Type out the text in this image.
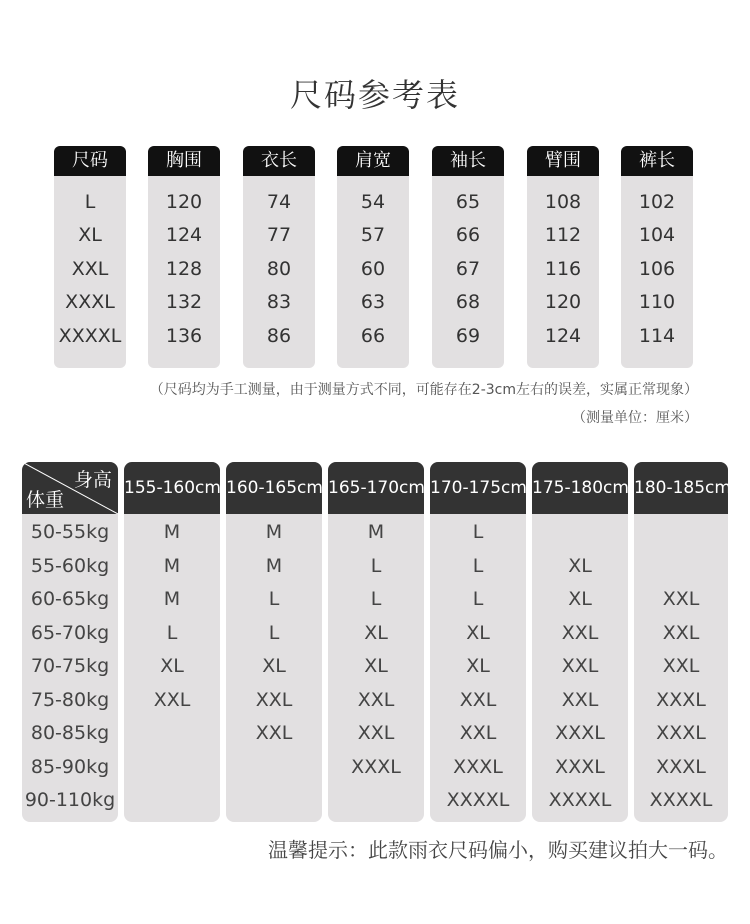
尺码参考表
尺码
L
XL
XXL
XXXL
XXXXL
胸围
120
124
128
132
136
衣长
74
77
80
83
86
肩宽
54
57
60
63
66
袖长
65
66
67
68
69
臂围
108
112
116
120
124
裤长
102
104
106
110
114
（尺码均为手工测量，由于测量方式不同，可能存在2-3cm左右的误差，实属正常现象）
（测量单位：厘米）
身高
体重
50-55kg
55-60kg
60-65kg
65-70kg
70-75kg
75-80kg
80-85kg
85-90kg
90-110kg
155-160cm
M
M
M
L
XL
XXL
160-165cm
M
M
L
L
XL
XXL
XXL
165-170cm
M
L
L
XL
XL
XXL
XXL
XXXL
170-175cm
L
L
L
XL
XL
XXL
XXL
XXXL
XXXXL
175-180cm
XL
XL
XXL
XXL
XXL
XXXL
XXXL
XXXXL
180-185cm
XXL
XXL
XXL
XXXL
XXXL
XXXL
XXXXL
温馨提示：此款雨衣尺码偏小，购买建议拍大一码。
